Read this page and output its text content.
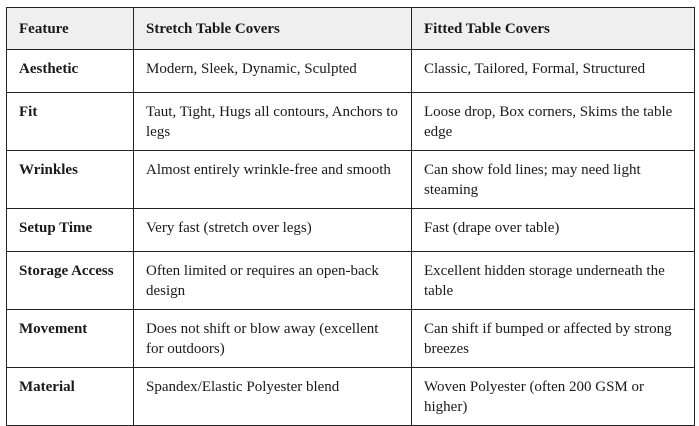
Feature	Stretch Table Covers	Fitted Table Covers
Aesthetic	Modern, Sleek, Dynamic, Sculpted	Classic, Tailored, Formal, Structured
Fit	Taut, Tight, Hugs all contours, Anchors to legs	Loose drop, Box corners, Skims the table edge
Wrinkles	Almost entirely wrinkle-free and smooth	Can show fold lines; may need light steaming
Setup Time	Very fast (stretch over legs)	Fast (drape over table)
Storage Access	Often limited or requires an open-back design	Excellent hidden storage underneath the table
Movement	Does not shift or blow away (excellent for outdoors)	Can shift if bumped or affected by strong breezes
Material	Spandex/Elastic Polyester blend	Woven Polyester (often 200 GSM or higher)
